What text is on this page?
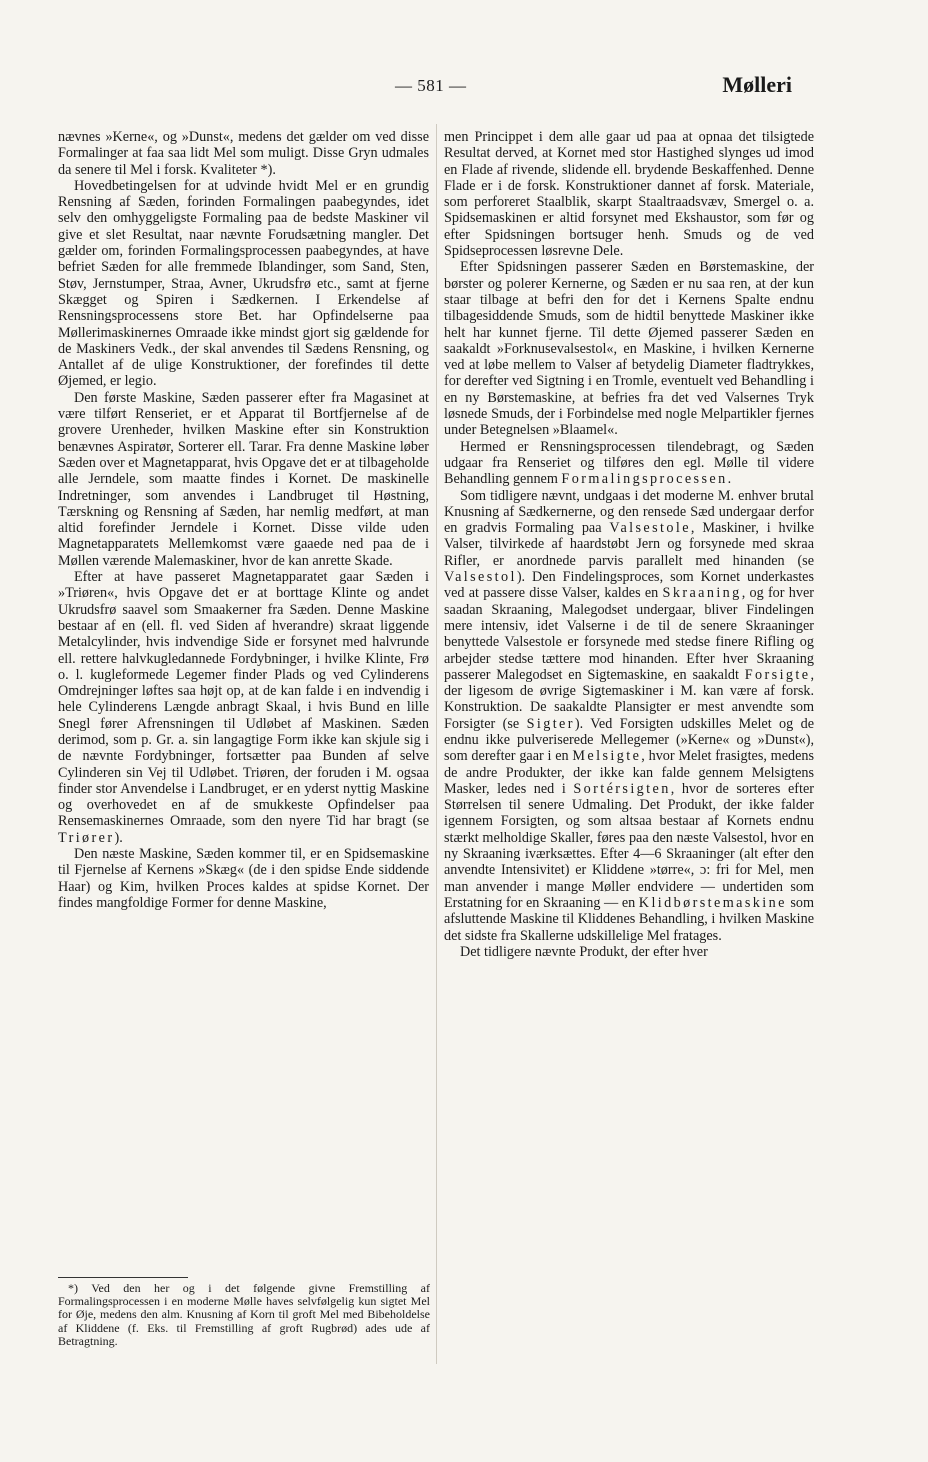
— 581 —	Mølleri

nævnes »Kerne«, og »Dunst«, medens det gælder om ved disse Formalinger at faa saa lidt Mel som muligt. Disse Gryn udmales da senere til Mel i forsk. Kvaliteter *).

Hovedbetingelsen for at udvinde hvidt Mel er en grundig Rensning af Sæden, forinden Formalingen paabegyndes, idet selv den omhyggeligste Formaling paa de bedste Maskiner vil give et slet Resultat, naar nævnte Forudsætning mangler. Det gælder om, forinden Formalingsprocessen paabegyndes, at have befriet Sæden for alle fremmede Iblandinger, som Sand, Sten, Støv, Jernstumper, Straa, Avner, Ukrudsfrø etc., samt at fjerne Skægget og Spiren i Sædkernen. I Erkendelse af Rensningsprocessens store Bet. har Opfindelserne paa Møllerimaskinernes Omraade ikke mindst gjort sig gældende for de Maskiners Vedk., der skal anvendes til Sædens Rensning, og Antallet af de ulige Konstruktioner, der forefindes til dette Øjemed, er legio.

Den første Maskine, Sæden passerer efter fra Magasinet at være tilført Renseriet, er et Apparat til Bortfjernelse af de grovere Urenheder, hvilken Maskine efter sin Konstruktion benævnes Aspiratør, Sorterer ell. Tarar. Fra denne Maskine løber Sæden over et Magnetapparat, hvis Opgave det er at tilbageholde alle Jerndele, som maatte findes i Kornet. De maskinelle Indretninger, som anvendes i Landbruget til Høstning, Tærskning og Rensning af Sæden, har nemlig medført, at man altid forefinder Jerndele i Kornet. Disse vilde uden Magnetapparatets Mellemkomst være gaaede ned paa de i Møllen værende Malemaskiner, hvor de kan anrette Skade.

Efter at have passeret Magnetapparatet gaar Sæden i »Triøren«, hvis Opgave det er at borttage Klinte og andet Ukrudsfrø saavel som Smaakerner fra Sæden. Denne Maskine bestaar af en (ell. fl. ved Siden af hverandre) skraat liggende Metalcylinder, hvis indvendige Side er forsynet med halvrunde ell. rettere halvkugledannede Fordybninger, i hvilke Klinte, Frø o. l. kugleformede Legemer finder Plads og ved Cylinderens Omdrejninger løftes saa højt op, at de kan falde i en indvendig i hele Cylinderens Længde anbragt Skaal, i hvis Bund en lille Snegl fører Afrensningen til Udløbet af Maskinen. Sæden derimod, som p. Gr. a. sin langagtige Form ikke kan skjule sig i de nævnte Fordybninger, fortsætter paa Bunden af selve Cylinderen sin Vej til Udløbet. Triøren, der foruden i M. ogsaa finder stor Anvendelse i Landbruget, er en yderst nyttig Maskine og overhovedet en af de smukkeste Opfindelser paa Rensemaskinernes Omraade, som den nyere Tid har bragt (se Triører).

Den næste Maskine, Sæden kommer til, er en Spidsemaskine til Fjernelse af Kernens »Skæg« (de i den spidse Ende siddende Haar) og Kim, hvilken Proces kaldes at spidse Kornet. Der findes mangfoldige Former for denne Maskine,

men Princippet i dem alle gaar ud paa at opnaa det tilsigtede Resultat derved, at Kornet med stor Hastighed slynges ud imod en Flade af rivende, slidende ell. brydende Beskaffenhed. Denne Flade er i de forsk. Konstruktioner dannet af forsk. Materiale, som perforeret Staalblik, skarpt Staaltraadsvæv, Smergel o. a. Spidsemaskinen er altid forsynet med Ekshaustor, som før og efter Spidsningen bortsuger henh. Smuds og de ved Spidseprocessen løsrevne Dele.

Efter Spidsningen passerer Sæden en Børstemaskine, der børster og polerer Kernerne, og Sæden er nu saa ren, at der kun staar tilbage at befri den for det i Kernens Spalte endnu tilbagesiddende Smuds, som de hidtil benyttede Maskiner ikke helt har kunnet fjerne. Til dette Øjemed passerer Sæden en saakaldt »Forknusevalsestol«, en Maskine, i hvilken Kernerne ved at løbe mellem to Valser af betydelig Diameter fladtrykkes, for derefter ved Sigtning i en Tromle, eventuelt ved Behandling i en ny Børstemaskine, at befries fra det ved Valsernes Tryk løsnede Smuds, der i Forbindelse med nogle Melpartikler fjernes under Betegnelsen »Blaamel«.

Hermed er Rensningsprocessen tilendebragt, og Sæden udgaar fra Renseriet og tilføres den egl. Mølle til videre Behandling gennem Formalingsprocessen.

Som tidligere nævnt, undgaas i det moderne M. enhver brutal Knusning af Sædkernerne, og den rensede Sæd undergaar derfor en gradvis Formaling paa Valsestole, Maskiner, i hvilke Valser, tilvirkede af haardstøbt Jern og forsynede med skraa Rifler, er anordnede parvis parallelt med hinanden (se Valsestol). Den Findelingsproces, som Kornet underkastes ved at passere disse Valser, kaldes en Skraaning, og for hver saadan Skraaning, Malegodset undergaar, bliver Findelingen mere intensiv, idet Valserne i de til de senere Skraaninger benyttede Valsestole er forsynede med stedse finere Rifling og arbejder stedse tættere mod hinanden. Efter hver Skraaning passerer Malegodset en Sigtemaskine, en saakaldt Forsigte, der ligesom de øvrige Sigtemaskiner i M. kan være af forsk. Konstruktion. De saakaldte Plansigter er mest anvendte som Forsigter (se Sigter). Ved Forsigten udskilles Melet og de endnu ikke pulveriserede Mellegemer (»Kerne« og »Dunst«), som derefter gaar i en Melsigte, hvor Melet frasigtes, medens de andre Produkter, der ikke kan falde gennem Melsigtens Masker, ledes ned i Sortérsigten, hvor de sorteres efter Størrelsen til senere Udmaling. Det Produkt, der ikke falder igennem Forsigten, og som altsaa bestaar af Kornets endnu stærkt melholdige Skaller, føres paa den næste Valsestol, hvor en ny Skraaning iværksættes. Efter 4—6 Skraaninger (alt efter den anvendte Intensivitet) er Kliddene »tørre«, ɔ: fri for Mel, men man anvender i mange Møller endvidere — undertiden som Erstatning for en Skraaning — en Klidbørstemaskine som afsluttende Maskine til Kliddenes Behandling, i hvilken Maskine det sidste fra Skallerne udskillelige Mel fratages.

Det tidligere nævnte Produkt, der efter hver

*) Ved den her og i det følgende givne Fremstilling af Formalingsprocessen i en moderne Mølle haves selvfølgelig kun sigtet Mel for Øje, medens den alm. Knusning af Korn til groft Mel med Bibeholdelse af Kliddene (f. Eks. til Fremstilling af groft Rugbrød) ades ude af Betragtning.
